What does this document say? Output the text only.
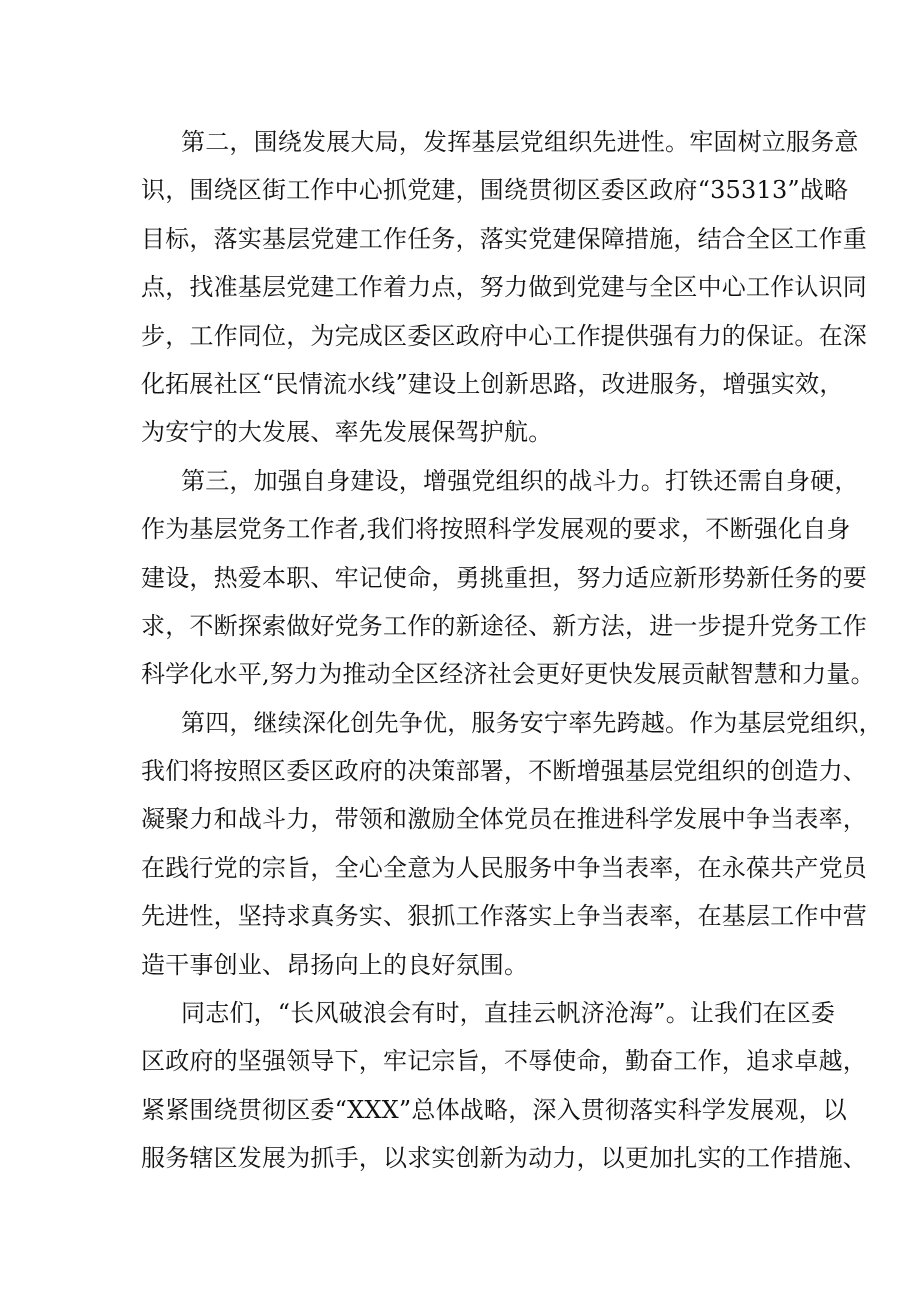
第二，围绕发展大局，发挥基层党组织先进性。牢固树立服务意
识，围绕区街工作中心抓党建，围绕贯彻区委区政府“35313”战略
目标，落实基层党建工作任务，落实党建保障措施，结合全区工作重
点，找准基层党建工作着力点，努力做到党建与全区中心工作认识同
步，工作同位，为完成区委区政府中心工作提供强有力的保证。在深
化拓展社区“民情流水线”建设上创新思路，改进服务，增强实效，
为安宁的大发展、率先发展保驾护航。
第三，加强自身建设，增强党组织的战斗力。打铁还需自身硬，
作为基层党务工作者,我们将按照科学发展观的要求，不断强化自身
建设，热爱本职、牢记使命，勇挑重担，努力适应新形势新任务的要
求，不断探索做好党务工作的新途径、新方法，进一步提升党务工作
科学化水平,努力为推动全区经济社会更好更快发展贡献智慧和力量。
第四，继续深化创先争优，服务安宁率先跨越。作为基层党组织，
我们将按照区委区政府的决策部署，不断增强基层党组织的创造力、
凝聚力和战斗力，带领和激励全体党员在推进科学发展中争当表率，
在践行党的宗旨，全心全意为人民服务中争当表率，在永葆共产党员
先进性，坚持求真务实、狠抓工作落实上争当表率，在基层工作中营
造干事创业、昂扬向上的良好氛围。
同志们，“长风破浪会有时，直挂云帆济沧海”。让我们在区委
区政府的坚强领导下，牢记宗旨，不辱使命，勤奋工作，追求卓越，
紧紧围绕贯彻区委“XXX”总体战略，深入贯彻落实科学发展观，以
服务辖区发展为抓手，以求实创新为动力，以更加扎实的工作措施、
